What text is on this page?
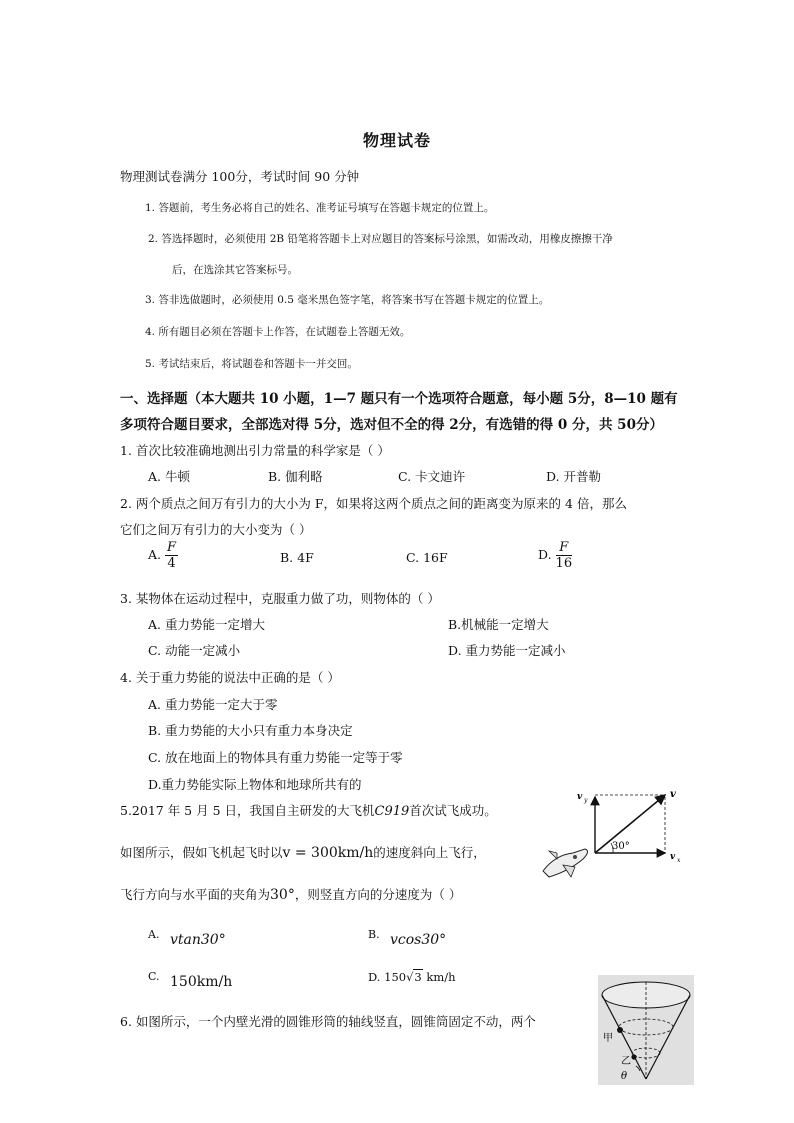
物理试卷
物理测试卷满分 100分，考试时间 90 分钟
1. 答题前，考生务必将自己的姓名、准考证号填写在答题卡规定的位置上。
2. 答选择题时，必须使用 2B 铅笔将答题卡上对应题目的答案标号涂黑，如需改动，用橡皮擦擦干净
后，在选涂其它答案标号。
3. 答非选做题时，必须使用 0.5 毫米黑色签字笔，将答案书写在答题卡规定的位置上。
4. 所有题目必须在答题卡上作答，在试题卷上答题无效。
5. 考试结束后，将试题卷和答题卡一并交回。
一、选择题（本大题共 10 小题，1—7 题只有一个选项符合题意，每小题 5分，8—10 题有
多项符合题目要求，全部选对得 5分，选对但不全的得 2分，有选错的得 0 分，共 50分）
1. 首次比较准确地测出引力常量的科学家是（ ）
A. 牛顿	B. 伽利略	C. 卡文迪许	D. 开普勒
2. 两个质点之间万有引力的大小为 F，如果将这两个质点之间的距离变为原来的 4 倍，那么
它们之间万有引力的大小变为（ ）
A. $\frac{F}{4}$	B. 4F	C. 16F	D. $\frac{F}{16}$
3. 某物体在运动过程中，克服重力做了功，则物体的（ ）
A. 重力势能一定增大	B.机械能一定增大
C. 动能一定减小	D. 重力势能一定减小
4. 关于重力势能的说法中正确的是（ ）
A. 重力势能一定大于零
B. 重力势能的大小只有重力本身决定
C. 放在地面上的物体具有重力势能一定等于零
D.重力势能实际上物体和地球所共有的
5.2017 年 5 月 5 日，我国自主研发的大飞机C919首次试飞成功。
如图所示，假如飞机起飞时以v = 300km/h的速度斜向上飞行，
飞行方向与水平面的夹角为30°，则竖直方向的分速度为（ ）
A. vtan30°	B. vcos30°
C. 150km/h	D. 150√3 km/h
30°
v y
v
v x
6. 如图所示，一个内壁光滑的圆锥形筒的轴线竖直，圆锥筒固定不动，两个
甲
乙
θ
